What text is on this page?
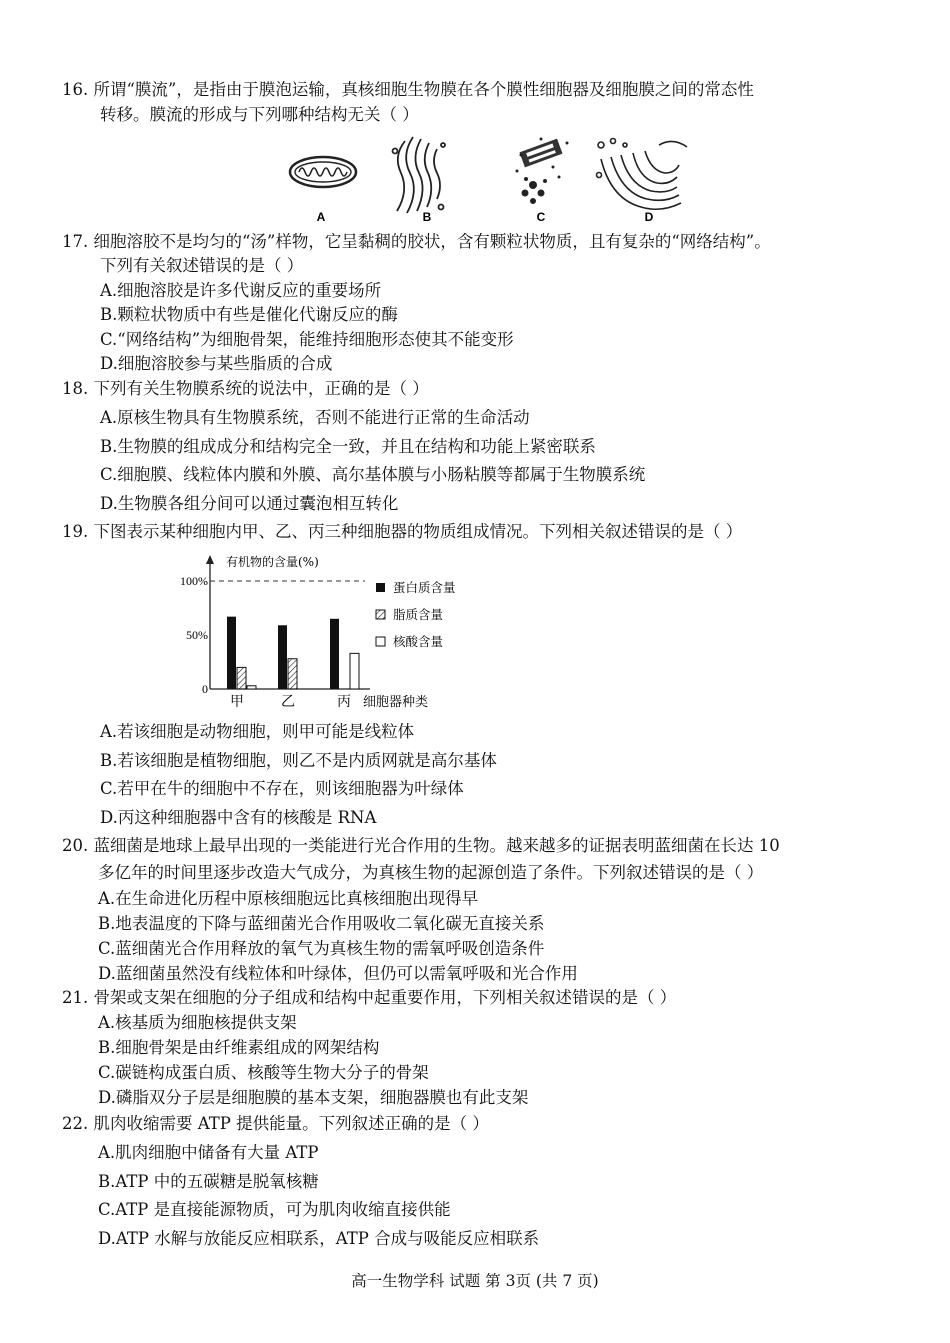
16. 所谓“膜流”，是指由于膜泡运输，真核细胞生物膜在各个膜性细胞器及细胞膜之间的常态性
转移。膜流的形成与下列哪种结构无关（ ）
A	B	C	D
17. 细胞溶胶不是均匀的“汤”样物，它呈黏稠的胶状，含有颗粒状物质，且有复杂的“网络结构”。
下列有关叙述错误的是（ ）
A.细胞溶胶是许多代谢反应的重要场所
B.颗粒状物质中有些是催化代谢反应的酶
C.“网络结构”为细胞骨架，能维持细胞形态使其不能变形
D.细胞溶胶参与某些脂质的合成
18. 下列有关生物膜系统的说法中，正确的是（ ）
A.原核生物具有生物膜系统，否则不能进行正常的生命活动
B.生物膜的组成成分和结构完全一致，并且在结构和功能上紧密联系
C.细胞膜、线粒体内膜和外膜、高尔基体膜与小肠粘膜等都属于生物膜系统
D.生物膜各组分间可以通过囊泡相互转化
19. 下图表示某种细胞内甲、乙、丙三种细胞器的物质组成情况。下列相关叙述错误的是（ ）
有机物的含量(%)
100%
50%
0
甲	乙	丙 细胞器种类
蛋白质含量
脂质含量
核酸含量
A.若该细胞是动物细胞，则甲可能是线粒体
B.若该细胞是植物细胞，则乙不是内质网就是高尔基体
C.若甲在牛的细胞中不存在，则该细胞器为叶绿体
D.丙这种细胞器中含有的核酸是 RNA
20. 蓝细菌是地球上最早出现的一类能进行光合作用的生物。越来越多的证据表明蓝细菌在长达 10
多亿年的时间里逐步改造大气成分，为真核生物的起源创造了条件。下列叙述错误的是（ ）
A.在生命进化历程中原核细胞远比真核细胞出现得早
B.地表温度的下降与蓝细菌光合作用吸收二氧化碳无直接关系
C.蓝细菌光合作用释放的氧气为真核生物的需氧呼吸创造条件
D.蓝细菌虽然没有线粒体和叶绿体，但仍可以需氧呼吸和光合作用
21. 骨架或支架在细胞的分子组成和结构中起重要作用，下列相关叙述错误的是（ ）
A.核基质为细胞核提供支架
B.细胞骨架是由纤维素组成的网架结构
C.碳链构成蛋白质、核酸等生物大分子的骨架
D.磷脂双分子层是细胞膜的基本支架，细胞器膜也有此支架
22. 肌肉收缩需要 ATP 提供能量。下列叙述正确的是（ ）
A.肌肉细胞中储备有大量 ATP
B.ATP 中的五碳糖是脱氧核糖
C.ATP 是直接能源物质，可为肌肉收缩直接供能
D.ATP 水解与放能反应相联系，ATP 合成与吸能反应相联系
高一生物学科 试题 第 3页 (共 7 页)
